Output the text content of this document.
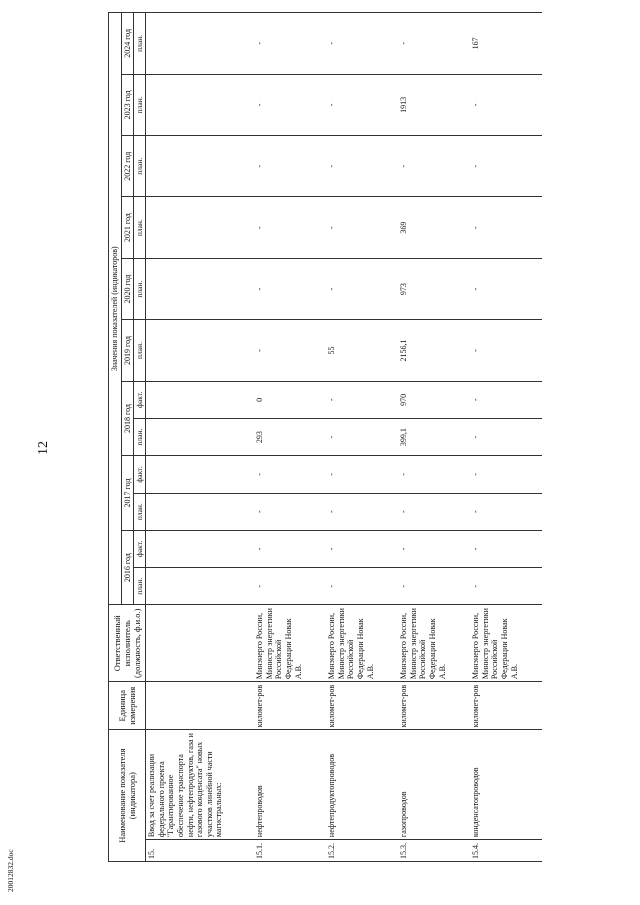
12
20012832.doc
Наименование показателя (индикатора)		Единица измерения	Ответственный исполнитель (должность, ф.и.о.)	Значения показателей (индикаторов)											
				2016 год		2017 год		2018 год		2019 год	2020 год	2021 год	2022 год	2023 год	2024 год
				план.	факт.	план.	факт.	план.	факт.	план.	план.	план.	план.	план.	план.
15.	Ввод за счет реализации федерального проекта "Гарантированное обеспечение транспорта нефти, нефтепродуктов, газа и газового конденсата" новых участков линейной части магистральных:														
15.1.	нефтепроводов	километ-ров	Минэнерго России, Министр энергетики Российской Федерации Новак А.В.	-	-	-	-	293	0	-	-	-	-	-	-
15.2.	нефтепродуктопроводов	километ-ров	Минэнерго России, Министр энергетики Российской Федерации Новак А.В.	-	-	-	-	-	-	55	-	-	-	-	-
15.3.	газопроводов	километ-ров	Минэнерго России, Министр энергетики Российской Федерации Новак А.В.	-	-	-	-	399,1	970	2156,1	973	369	-	1913	-
15.4.	конденсатопроводов	километ-ров	Минэнерго России, Министр энергетики Российской Федерации Новак А.В.	-	-	-	-	-	-	-	-	-	-	-	167
